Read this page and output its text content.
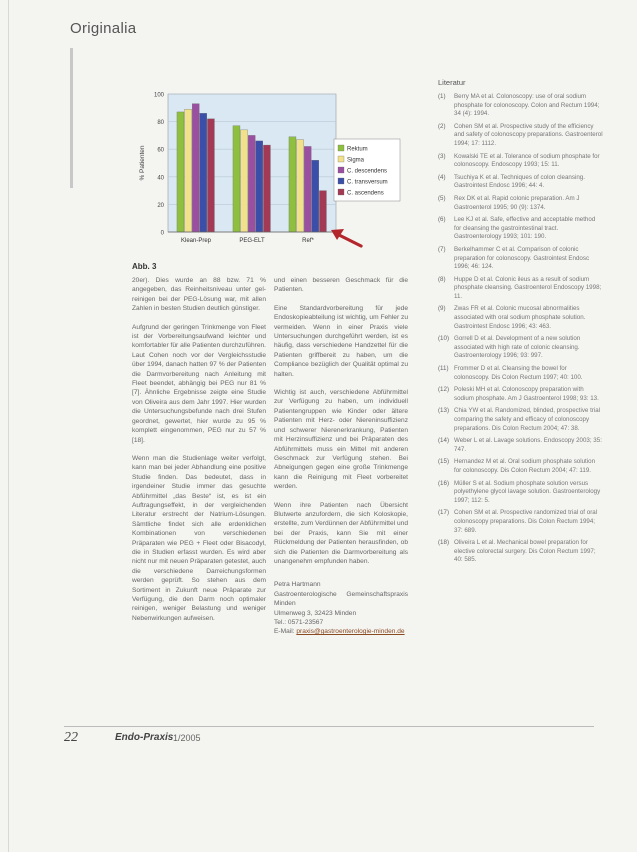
Originalia
0
20
40
60
80
100
% Patienten
Klean-Prep	PEG-ELT	Ref*
Rektum
Sigma
C. descendens
C. transversum
C. ascendens
Abb. 3

20er). Dies wurde an 88 bzw. 71 % angegeben, das Reinheitsniveau unter gel-reinigen bei der PEG-Lösung war, mit allen Zahlen in besten Studien deutlich günstiger.

Aufgrund der geringen Trinkmenge von Fleet ist der Vorbereitungsaufwand leichter und komfortabler für alle Patienten durchzuführen. Laut Cohen noch vor der Vergleichsstudie über 1994, danach hatten 97 % der Patienten die Darmvorbereitung nach Anleitung mit Fleet beendet, abhängig bei PEG nur 81 % [7]. Ähnliche Ergebnisse zeigte eine Studie von Oliveira aus dem Jahr 1997. Hier wurden die Untersuchungsbefunde nach drei Stufen geordnet, gewertet, hier wurde zu 95 % komplett eingenommen, PEG nur zu 57 % [18].

Wenn man die Studienlage weiter verfolgt, kann man bei jeder Abhandlung eine positive Studie finden. Das bedeutet, dass in irgendeiner Studie immer das gesuchte Abführmittel „das Beste“ ist, es ist ein Auftragungseffekt, in der vergleichenden Literatur erstrecht der Natrium-Lösungen. Sämtliche findet sich alle erdenklichen Kombinationen von verschiedenen Präparaten wie PEG + Fleet oder Bisacodyl, die in Studien erfasst wurden. Es wird aber nicht nur mit neuen Präparaten getestet, auch die verschiedene Darreichungsformen werden geprüft. So stehen aus dem Sortiment in Zukunft neue Präparate zur Verfügung, die den Darm noch optimaler reinigen, weniger Belastung und weniger Nebenwirkungen aufweisen.

und einen besseren Geschmack für die Patienten.

Eine Standardvorbereitung für jede Endoskopieabteilung ist wichtig, um Fehler zu vermeiden. Wenn in einer Praxis viele Untersuchungen durchgeführt werden, ist es häufig, dass verschiedene Handzettel für die Patienten griffbereit zu haben, um die Compliance bezüglich der Qualität optimal zu halten.

Wichtig ist auch, verschiedene Abführmittel zur Verfügung zu haben, um individuell Patientengruppen wie Kinder oder ältere Patienten mit Herz- oder Niereninsuffizienz und schwerer Nierenerkrankung, Patienten mit Herzinsuffizienz und bei Präparaten des Abführmittels muss ein Mittel mit anderen Geschmack zur Verfügung stehen. Bei Abneigungen gegen eine große Trinkmenge kann die Reinigung mit Fleet vorbereitet werden.

Wenn ihre Patienten nach Übersicht Blutwerte anzufordern, die sich Koloskopie, erstellte, zum Verdünnen der Abführmittel und bei der Praxis, kann Sie mit einer Rückmeldung der Patienten herausfinden, ob sich die Patienten die Darmvorbereitung als unangenehm empfunden haben.

Petra Hartmann
Gastroenterologische Gemeinschaftspraxis Minden
Ulmenweg 3, 32423 Minden
Tel.: 0571-23567
E-Mail: praxis@gastroenterologie-minden.de
Literatur
(1)	Berry MA et al. Colonoscopy: use of oral sodium phosphate for colonoscopy. Colon and Rectum 1994; 34 (4): 1994.
(2)	Cohen SM et al. Prospective study of the efficiency and safety of colonoscopy preparations. Gastroenterol 1994; 17: 1112.
(3)	Kowalski TE et al. Tolerance of sodium phosphate for colonoscopy. Endoscopy 1993; 15: 11.
(4)	Tsuchiya K et al. Techniques of colon cleansing. Gastrointest Endosc 1996; 44: 4.
(5)	Rex DK et al. Rapid colonic preparation. Am J Gastroenterol 1995; 90 (9): 1374.
(6)	Lee KJ et al. Safe, effective and acceptable method for cleansing the gastrointestinal tract. Gastroenterology 1993; 101: 190.
(7)	Berkelhammer C et al. Comparison of colonic preparation for colonoscopy. Gastrointest Endosc 1996; 46: 124.
(8)	Huppe D et al. Colonic ileus as a result of sodium phosphate cleansing. Gastroenterol Endoscopy 1998; 11.
(9)	Zwas FR et al. Colonic mucosal abnormalities associated with oral sodium phosphate solution. Gastrointest Endosc 1996; 43: 463.
(10) Gorrell D et al. Development of a new solution associated with high rate of colonic cleansing. Gastroenterology 1996; 93: 997.
(11) Frommer D et al. Cleansing the bowel for colonoscopy. Dis Colon Rectum 1997; 40: 100.
(12) Poleski MH et al. Colonoscopy preparation with sodium phosphate. Am J Gastroenterol 1998; 93: 13.
(13) Chia YW et al. Randomized, blinded, prospective trial comparing the safety and efficacy of colonoscopy preparations. Dis Colon Rectum 2004; 47: 38.
(14) Weber L et al. Lavage solutions. Endoscopy 2003; 35: 747.
(15) Hernandez M et al. Oral sodium phosphate solution for colonoscopy. Dis Colon Rectum 2004; 47: 119.
(16) Müller S et al. Sodium phosphate solution versus polyethylene glycol lavage solution. Gastroenterology 1997; 112: 5.
(17) Cohen SM et al. Prospective randomized trial of oral colonoscopy preparations. Dis Colon Rectum 1994; 37: 689.
(18) Oliveira L et al. Mechanical bowel preparation for elective colorectal surgery. Dis Colon Rectum 1997; 40: 585.
22	Endo-Praxis 1/2005
